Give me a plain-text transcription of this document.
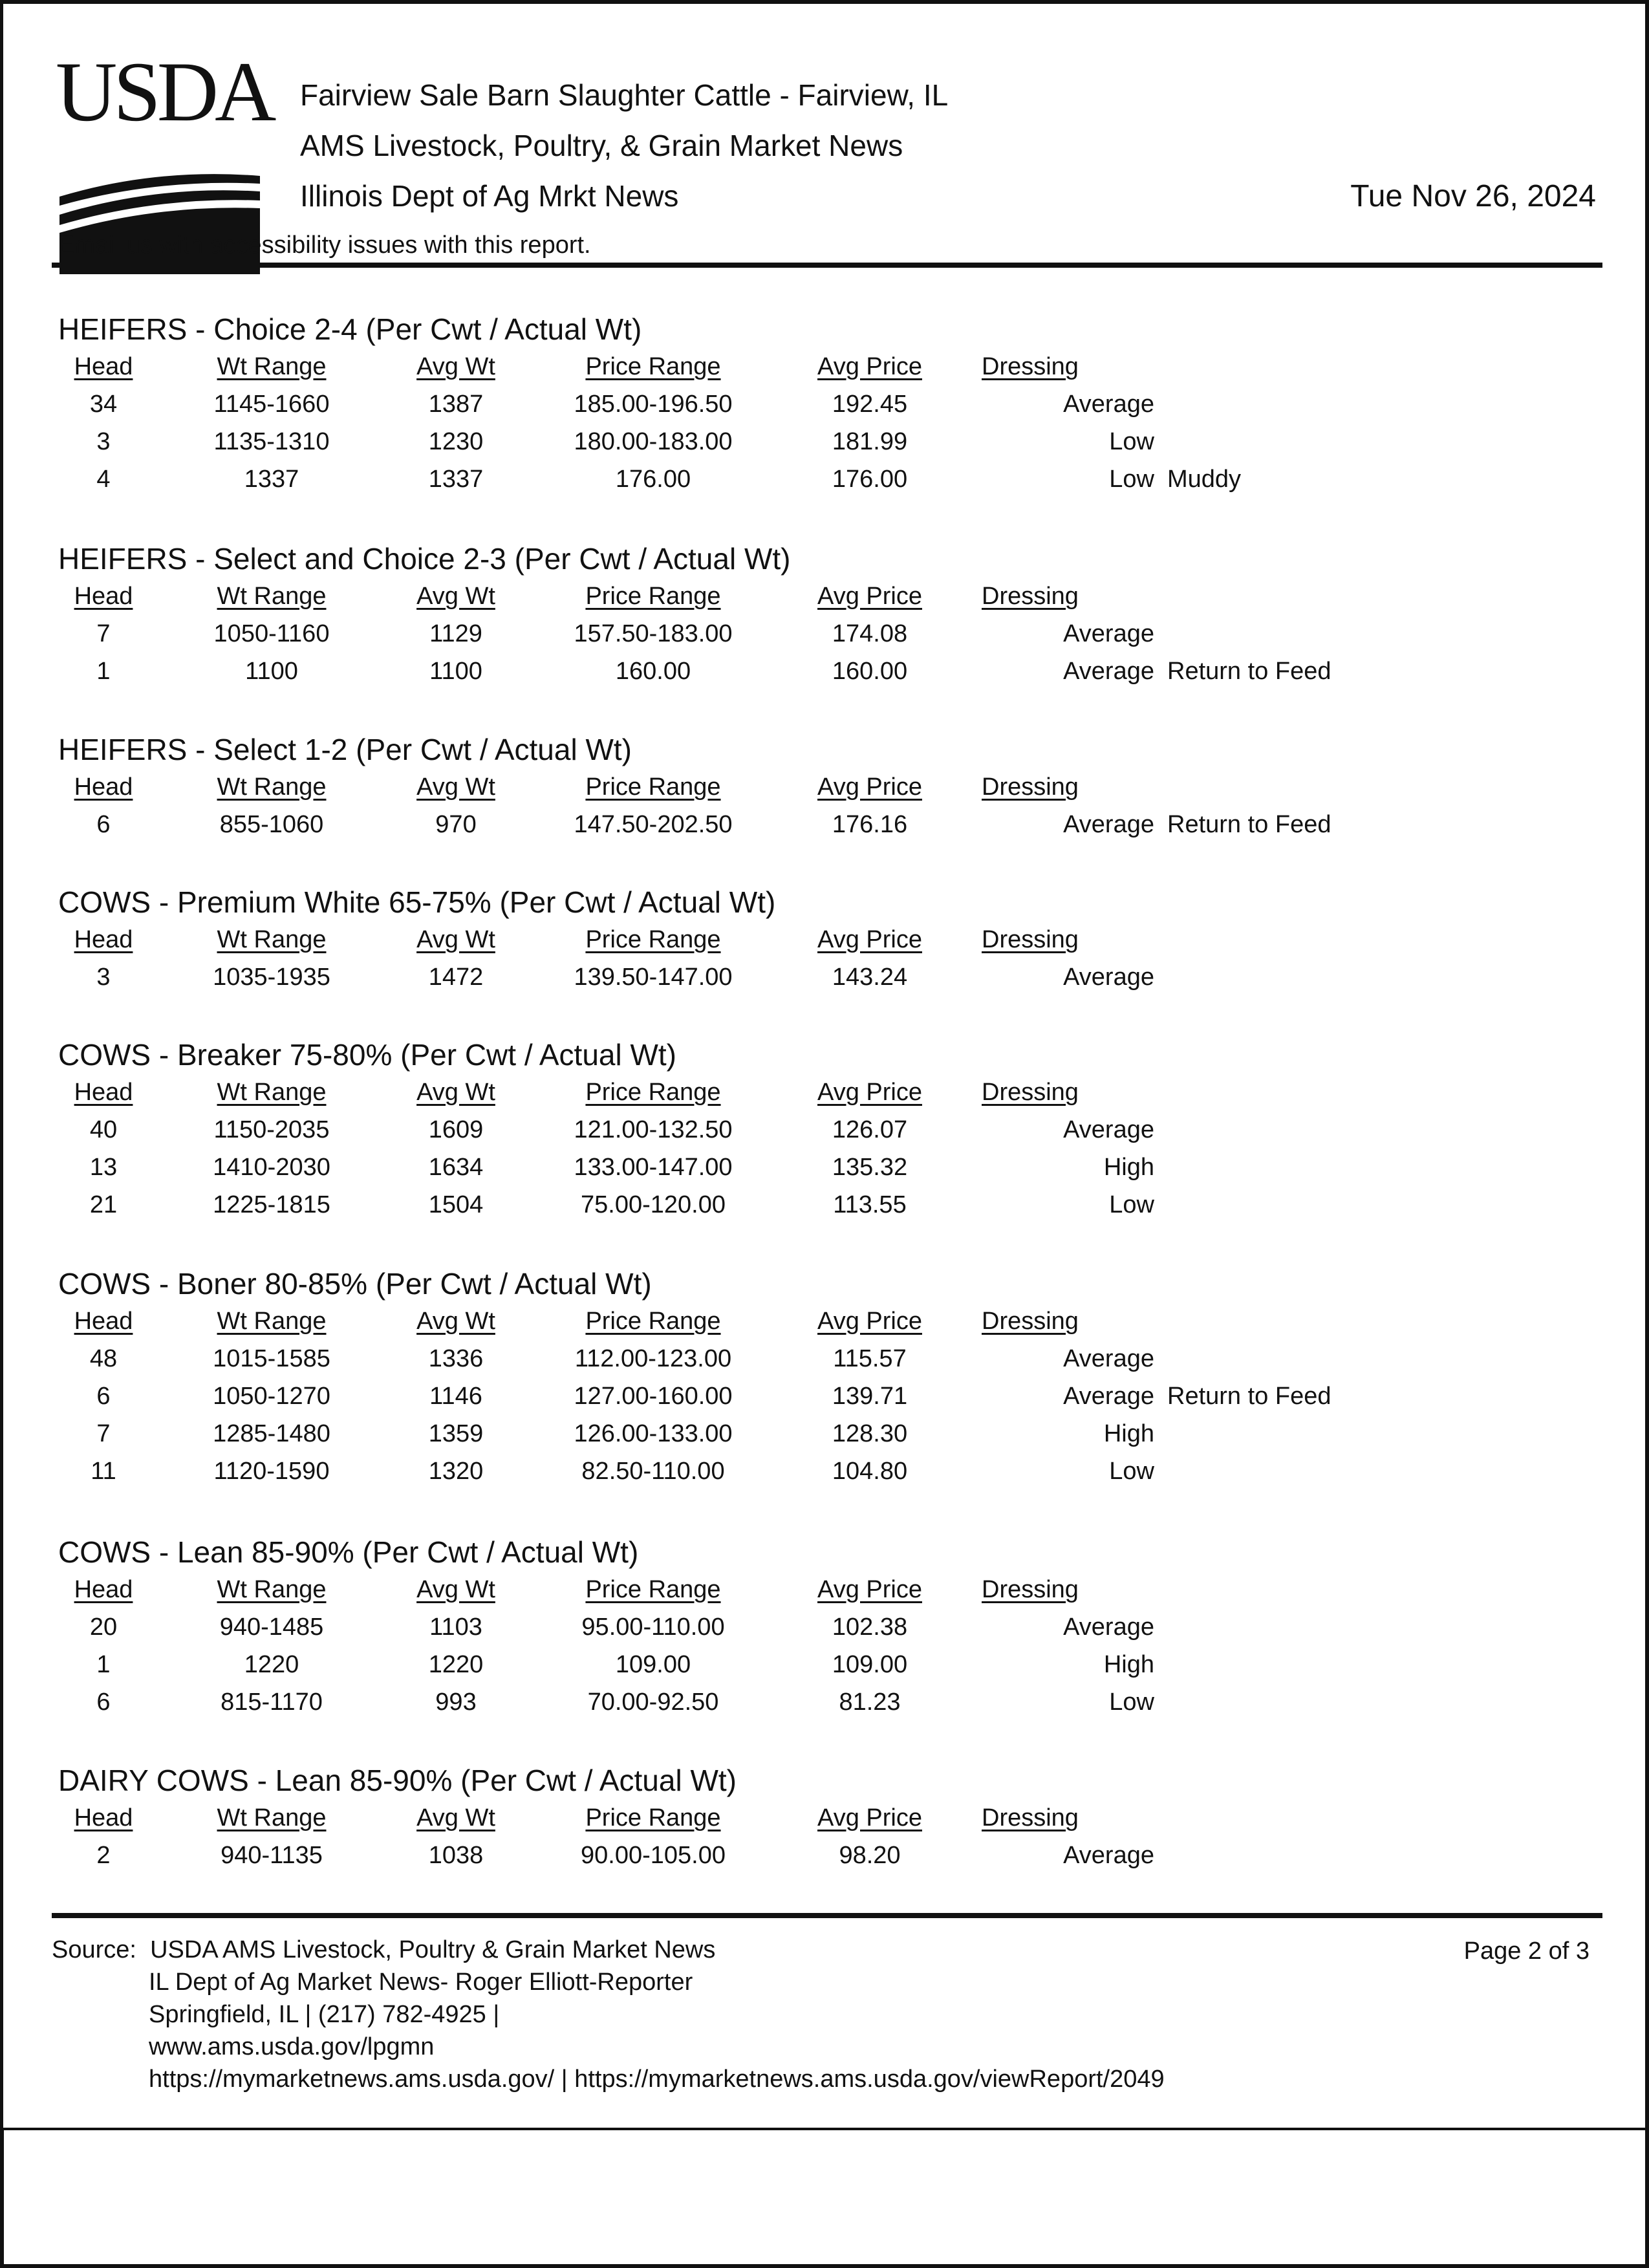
USDA Fairview Sale Barn Slaughter Cattle - Fairview, IL
AMS Livestock, Poultry, & Grain Market News
Illinois Dept of Ag Mrkt News	Tue Nov 26, 2024
Email us with accessibility issues with this report.
HEIFERS - Choice 2-4 (Per Cwt / Actual Wt)
Head	Wt Range	Avg Wt	Price Range	Avg Price Dressing
34	1145-1660	1387	185.00-196.50	192.45	Average
3	1135-1310	1230	180.00-183.00	181.99	Low
4	1337	1337	176.00	176.00	Low Muddy
HEIFERS - Select and Choice 2-3 (Per Cwt / Actual Wt)
Head	Wt Range	Avg Wt	Price Range	Avg Price Dressing
7	1050-1160	1129	157.50-183.00	174.08	Average
1	1100	1100	160.00	160.00	Average Return to Feed
HEIFERS - Select 1-2 (Per Cwt / Actual Wt)
Head	Wt Range	Avg Wt	Price Range	Avg Price Dressing
6	855-1060	970	147.50-202.50	176.16	Average Return to Feed
COWS - Premium White 65-75% (Per Cwt / Actual Wt)
Head	Wt Range	Avg Wt	Price Range	Avg Price Dressing
3	1035-1935	1472	139.50-147.00	143.24	Average
COWS - Breaker 75-80% (Per Cwt / Actual Wt)
Head	Wt Range	Avg Wt	Price Range	Avg Price Dressing
40	1150-2035	1609	121.00-132.50	126.07	Average
13	1410-2030	1634	133.00-147.00	135.32	High
21	1225-1815	1504	75.00-120.00	113.55	Low
COWS - Boner 80-85% (Per Cwt / Actual Wt)
Head	Wt Range	Avg Wt	Price Range	Avg Price Dressing
48	1015-1585	1336	112.00-123.00	115.57	Average
6	1050-1270	1146	127.00-160.00	139.71	Average Return to Feed
7	1285-1480	1359	126.00-133.00	128.30	High
11	1120-1590	1320	82.50-110.00	104.80	Low
COWS - Lean 85-90% (Per Cwt / Actual Wt)
Head	Wt Range	Avg Wt	Price Range	Avg Price Dressing
20	940-1485	1103	95.00-110.00	102.38	Average
1	1220	1220	109.00	109.00	High
6	815-1170	993	70.00-92.50	81.23	Low
DAIRY COWS - Lean 85-90% (Per Cwt / Actual Wt)
Head	Wt Range	Avg Wt	Price Range	Avg Price Dressing
2	940-1135	1038	90.00-105.00	98.20	Average
Source: USDA AMS Livestock, Poultry & Grain Market News
IL Dept of Ag Market News- Roger Elliott-Reporter
Springfield, IL | (217) 782-4925 |
www.ams.usda.gov/lpgmn
https://mymarketnews.ams.usda.gov/ | https://mymarketnews.ams.usda.gov/viewReport/2049
Page 2 of 3
